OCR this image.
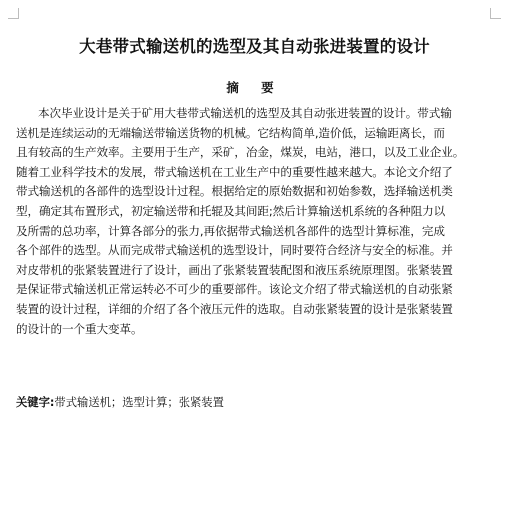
大巷带式输送机的选型及其自动张进装置的设计
摘 要
本次毕业设计是关于矿用大巷带式输送机的选型及其自动张进装置的设计。带式输
送机是连续运动的无端输送带输送货物的机械。它结构简单,造价低，运输距离长，而
且有较高的生产效率。主要用于生产，采矿，冶金，煤炭，电站，港口，以及工业企业。
随着工业科学技术的发展，带式输送机在工业生产中的重要性越来越大。本论文介绍了
带式输送机的各部件的选型设计过程。根据给定的原始数据和初始参数，选择输送机类
型，确定其布置形式，初定输送带和托辊及其间距;然后计算输送机系统的各种阻力以
及所需的总功率，计算各部分的张力,再依据带式输送机各部件的选型计算标准，完成
各个部件的选型。从而完成带式输送机的选型设计，同时要符合经济与安全的标准。并
对皮带机的张紧装置进行了设计，画出了张紧装置装配图和液压系统原理图。张紧装置
是保证带式输送机正常运转必不可少的重要部件。该论文介绍了带式输送机的自动张紧
装置的设计过程，详细的介绍了各个液压元件的选取。自动张紧装置的设计是张紧装置
的设计的一个重大变革。
关键字:带式输送机；选型计算；张紧装置
